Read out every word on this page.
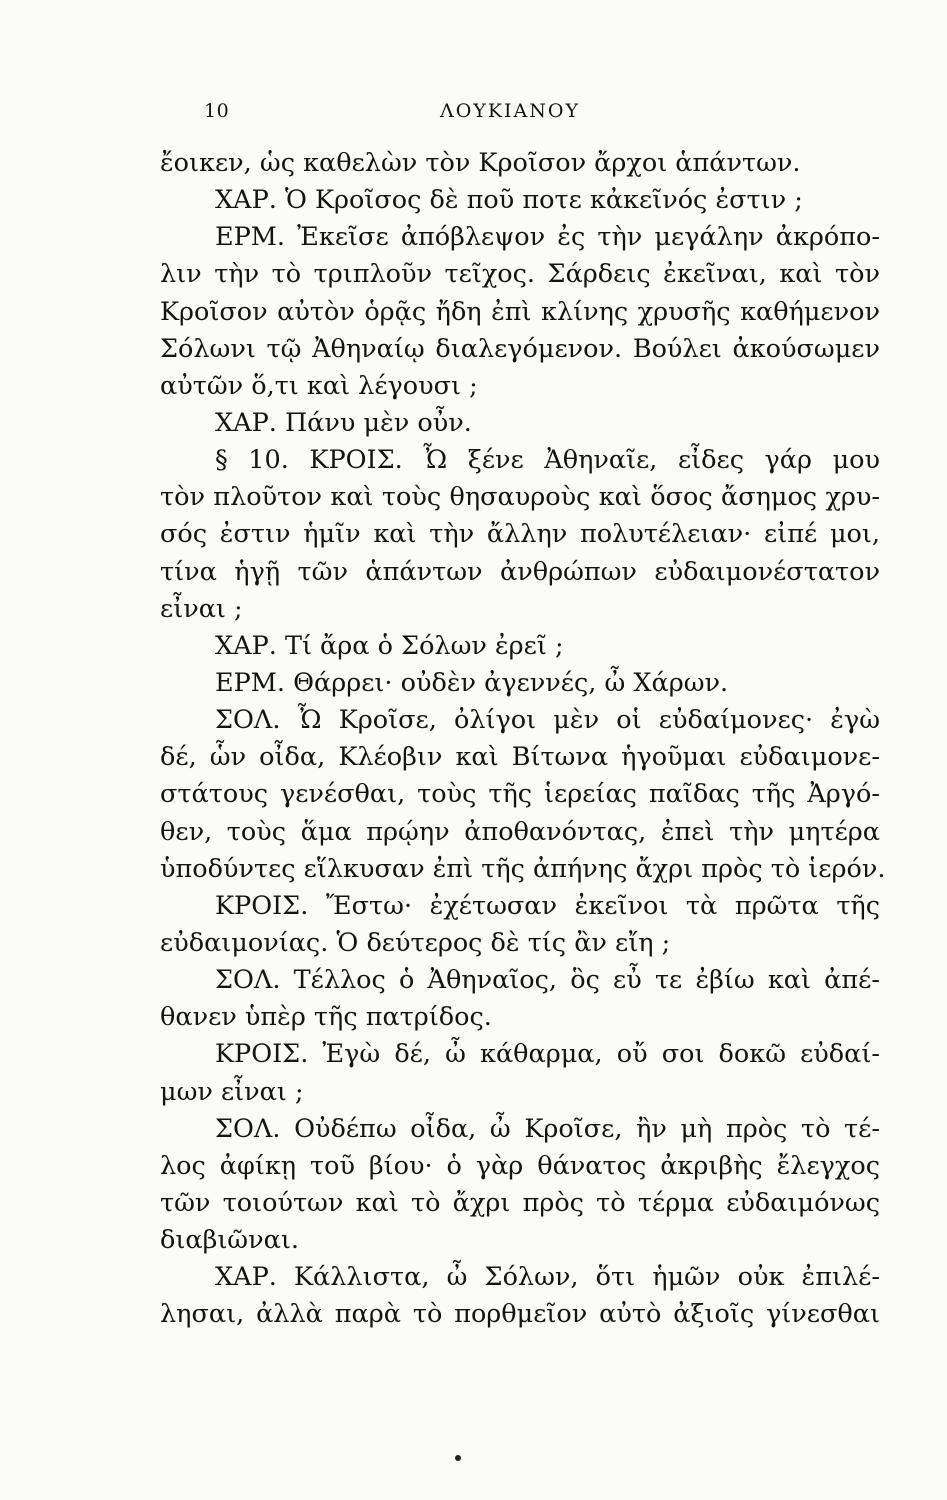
10	ΛΟΥΚΙΑΝΟΥ
ἔοικεν, ὡς καθελὼν τὸν Κροῖσον ἄρχοι ἁπάντων.
ΧΑΡ. Ὁ Κροῖσος δὲ ποῦ ποτε κἀκεῖνός ἐστιν ;
ΕΡΜ. Ἐκεῖσε ἀπόβλεψον ἐς τὴν μεγάλην ἀκρόπο-
λιν τὴν τὸ τριπλοῦν τεῖχος. Σάρδεις ἐκεῖναι, καὶ τὸν
Κροῖσον αὐτὸν ὁρᾷς ἤδη ἐπὶ κλίνης χρυσῆς καθήμενον
Σόλωνι τῷ Ἀθηναίῳ διαλεγόμενον. Βούλει ἀκούσωμεν
αὐτῶν ὅ,τι καὶ λέγουσι ;
ΧΑΡ. Πάνυ μὲν οὖν.
§ 10. ΚΡΟΙΣ. Ὦ ξένε Ἀθηναῖε, εἶδες γάρ μου
τὸν πλοῦτον καὶ τοὺς θησαυροὺς καὶ ὅσος ἄσημος χρυ-
σός ἐστιν ἡμῖν καὶ τὴν ἄλλην πολυτέλειαν· εἰπέ μοι,
τίνα ἡγῇ τῶν ἁπάντων ἀνθρώπων εὐδαιμονέστατον
εἶναι ;
ΧΑΡ. Τί ἄρα ὁ Σόλων ἐρεῖ ;
ΕΡΜ. Θάρρει· οὐδὲν ἀγεννές, ὦ Χάρων.
ΣΟΛ. Ὦ Κροῖσε, ὀλίγοι μὲν οἱ εὐδαίμονες· ἐγὼ
δέ, ὧν οἶδα, Κλέοβιν καὶ Βίτωνα ἡγοῦμαι εὐδαιμονε-
στάτους γενέσθαι, τοὺς τῆς ἱερείας παῖδας τῆς Ἀργό-
θεν, τοὺς ἅμα πρῴην ἀποθανόντας, ἐπεὶ τὴν μητέρα
ὑποδύντες εἵλκυσαν ἐπὶ τῆς ἀπήνης ἄχρι πρὸς τὸ ἱερόν.
ΚΡΟΙΣ. Ἔστω· ἐχέτωσαν ἐκεῖνοι τὰ πρῶτα τῆς
εὐδαιμονίας. Ὁ δεύτερος δὲ τίς ἂν εἴη ;
ΣΟΛ. Τέλλος ὁ Ἀθηναῖος, ὃς εὖ τε ἐβίω καὶ ἀπέ-
θανεν ὑπὲρ τῆς πατρίδος.
ΚΡΟΙΣ. Ἐγὼ δέ, ὦ κάθαρμα, οὔ σοι δοκῶ εὐδαί-
μων εἶναι ;
ΣΟΛ. Οὐδέπω οἶδα, ὦ Κροῖσε, ἢν μὴ πρὸς τὸ τέ-
λος ἀφίκῃ τοῦ βίου· ὁ γὰρ θάνατος ἀκριβὴς ἔλεγχος
τῶν τοιούτων καὶ τὸ ἄχρι πρὸς τὸ τέρμα εὐδαιμόνως
διαβιῶναι.
ΧΑΡ. Κάλλιστα, ὦ Σόλων, ὅτι ἡμῶν οὐκ ἐπιλέ-
λησαι, ἀλλὰ παρὰ τὸ πορθμεῖον αὐτὸ ἀξιοῖς γίνεσθαι
